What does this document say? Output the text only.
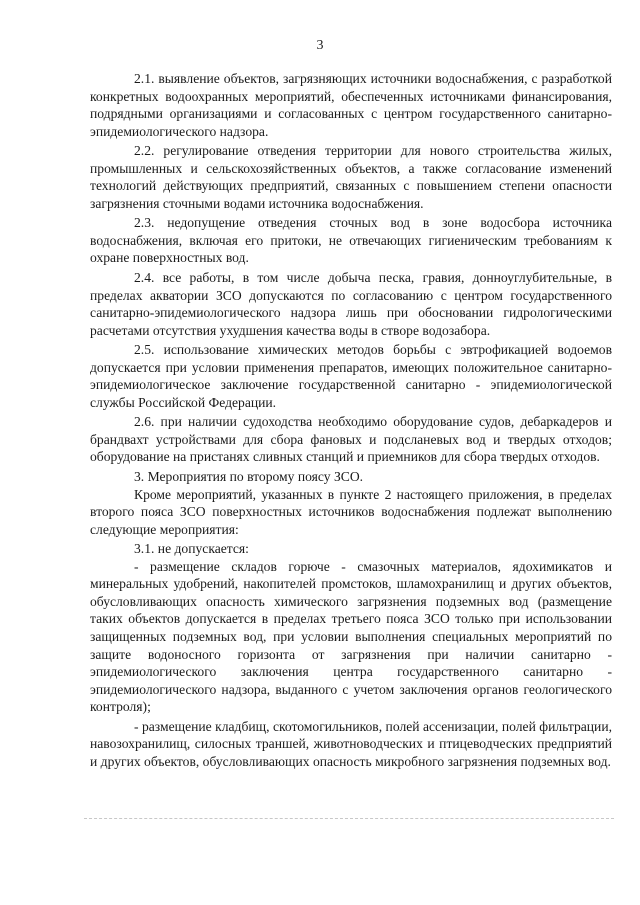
3

2.1. выявление объектов, загрязняющих источники водоснабжения, с разработкой конкретных водоохранных мероприятий, обеспеченных источниками финансирования, подрядными организациями и согласованных с центром государственного санитарно-эпидемиологического надзора.

2.2. регулирование отведения территории для нового строительства жилых, промышленных и сельскохозяйственных объектов, а также согласование изменений технологий действующих предприятий, связанных с повышением степени опасности загрязнения сточными водами источника водоснабжения.

2.3. недопущение отведения сточных вод в зоне водосбора источника водоснабжения, включая его притоки, не отвечающих гигиеническим требованиям к охране поверхностных вод.

2.4. все работы, в том числе добыча песка, гравия, донноуглубительные, в пределах акватории ЗСО допускаются по согласованию с центром государственного санитарно-эпидемиологического надзора лишь при обосновании гидрологическими расчетами отсутствия ухудшения качества воды в створе водозабора.

2.5. использование химических методов борьбы с эвтрофикацией водоемов допускается при условии применения препаратов, имеющих положительное санитарно-эпидемиологическое заключение государственной санитарно - эпидемиологической службы Российской Федерации.

2.6. при наличии судоходства необходимо оборудование судов, дебаркадеров и брандвахт устройствами для сбора фановых и подсланевых вод и твердых отходов; оборудование на пристанях сливных станций и приемников для сбора твердых отходов.

3. Мероприятия по второму поясу ЗСО.

Кроме мероприятий, указанных в пункте 2 настоящего приложения, в пределах второго пояса ЗСО поверхностных источников водоснабжения подлежат выполнению следующие мероприятия:

3.1. не допускается:

- размещение складов горюче - смазочных материалов, ядохимикатов и минеральных удобрений, накопителей промстоков, шламохранилищ и других объектов, обусловливающих опасность химического загрязнения подземных вод (размещение таких объектов допускается в пределах третьего пояса ЗСО только при использовании защищенных подземных вод, при условии выполнения специальных мероприятий по защите водоносного горизонта от загрязнения при наличии санитарно - эпидемиологического заключения центра государственного санитарно - эпидемиологического надзора, выданного с учетом заключения органов геологического контроля);

- размещение кладбищ, скотомогильников, полей ассенизации, полей фильтрации, навозохранилищ, силосных траншей, животноводческих и птицеводческих предприятий и других объектов, обусловливающих опасность микробного загрязнения подземных вод.
